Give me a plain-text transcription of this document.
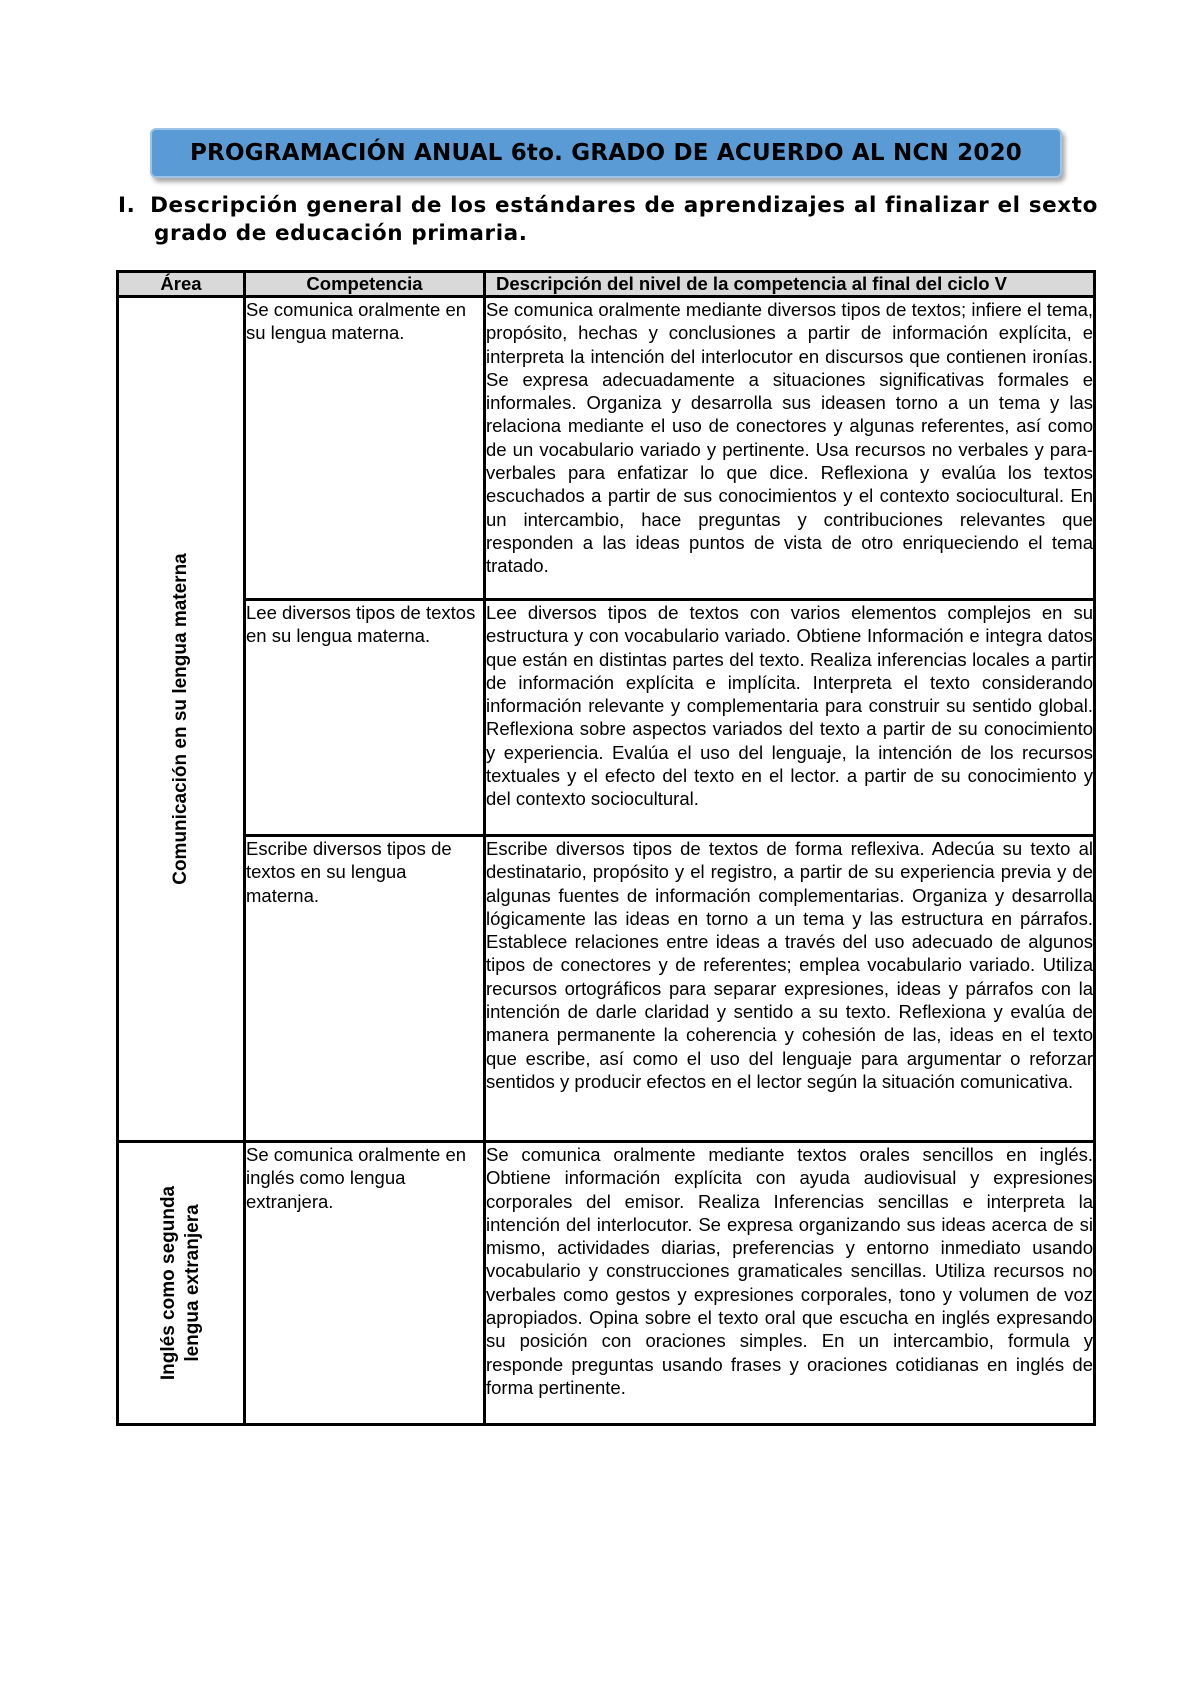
PROGRAMACIÓN ANUAL 6to. GRADO DE ACUERDO AL NCN 2020
I. Descripción general de los estándares de aprendizajes al finalizar el sexto
grado de educación primaria.
Área	Competencia	Descripción del nivel de la competencia al final del ciclo V

Comunicación en su lengua materna	Se comunica oralmente en su lengua materna.	Se comunica oralmente mediante diversos tipos de textos; infiere el tema, propósito, hechas y conclusiones a partir de información explícita, e interpreta la intención del interlocutor en discursos que contienen ironías. Se expresa adecuadamente a situaciones significativas formales e informales. Organiza y desarrolla sus ideasen torno a un tema y las relaciona mediante el uso de conectores y algunas referentes, así como de un vocabulario variado y pertinente. Usa recursos no verbales y para-verbales para enfatizar lo que dice. Reflexiona y evalúa los textos escuchados a partir de sus conocimientos y el contexto sociocultural. En un intercambio, hace preguntas y contribuciones relevantes que responden a las ideas puntos de vista de otro enriqueciendo el tema tratado.
	Lee diversos tipos de textos en su lengua materna.	Lee diversos tipos de textos con varios elementos complejos en su estructura y con vocabulario variado. Obtiene Información e integra datos que están en distintas partes del texto. Realiza inferencias locales a partir de información explícita e implícita. Interpreta el texto considerando información relevante y complementaria para construir su sentido global. Reflexiona sobre aspectos variados del texto a partir de su conocimiento y experiencia. Evalúa el uso del lenguaje, la intención de los recursos textuales y el efecto del texto en el lector. a partir de su conocimiento y del contexto sociocultural.
	Escribe diversos tipos de textos en su lengua materna.	Escribe diversos tipos de textos de forma reflexiva. Adecúa su texto al destinatario, propósito y el registro, a partir de su experiencia previa y de algunas fuentes de información complementarias. Organiza y desarrolla lógicamente las ideas en torno a un tema y las estructura en párrafos. Establece relaciones entre ideas a través del uso adecuado de algunos tipos de conectores y de referentes; emplea vocabulario variado. Utiliza recursos ortográficos para separar expresiones, ideas y párrafos con la intención de darle claridad y sentido a su texto. Reflexiona y evalúa de manera permanente la coherencia y cohesión de las, ideas en el texto que escribe, así como el uso del lenguaje para argumentar o reforzar sentidos y producir efectos en el lector según la situación comunicativa.

Inglés como segunda lengua extranjera	Se comunica oralmente en inglés como lengua extranjera.	Se comunica oralmente mediante textos orales sencillos en inglés. Obtiene información explícita con ayuda audiovisual y expresiones corporales del emisor. Realiza Inferencias sencillas e interpreta la intención del interlocutor. Se expresa organizando sus ideas acerca de si mismo, actividades diarias, preferencias y entorno inmediato usando vocabulario y construcciones gramaticales sencillas. Utiliza recursos no verbales como gestos y expresiones corporales, tono y volumen de voz apropiados. Opina sobre el texto oral que escucha en inglés expresando su posición con oraciones simples. En un intercambio, formula y responde preguntas usando frases y oraciones cotidianas en inglés de forma pertinente.
